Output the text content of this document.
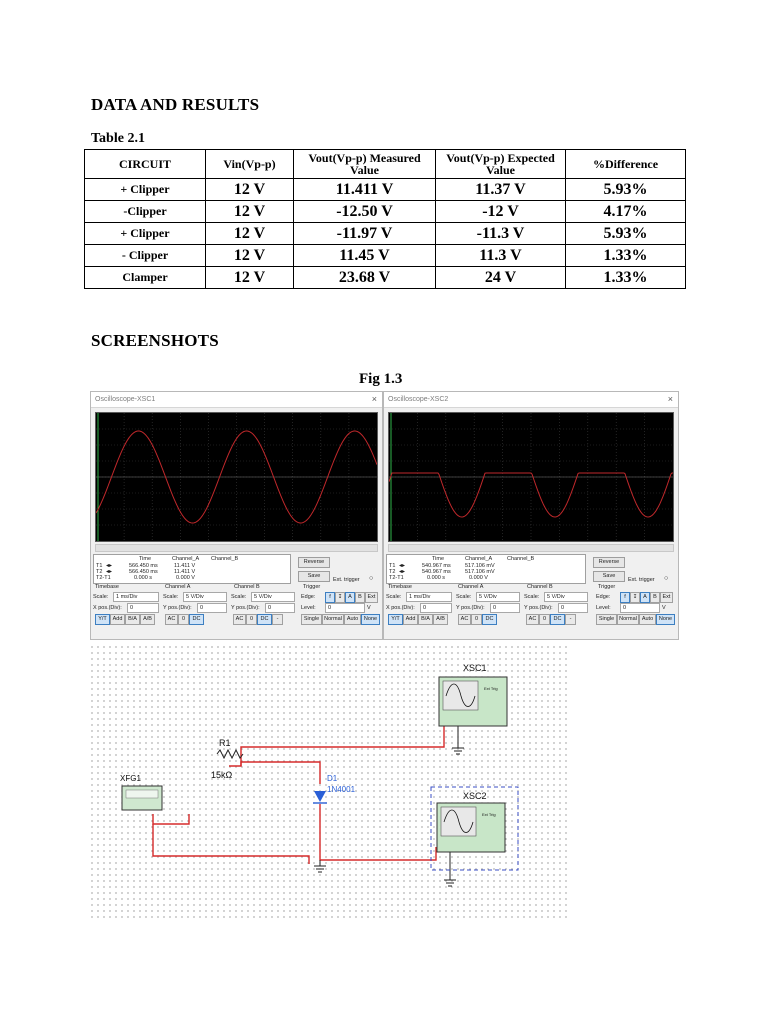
DATA AND RESULTS
Table 2.1
CIRCUIT	Vin(Vp-p)	Vout(Vp-p) Measured Value	Vout(Vp-p) Expected Value	%Difference
+ Clipper	12 V	11.411 V	11.37 V	5.93%
-Clipper	12 V	-12.50 V	-12 V	4.17%
+ Clipper	12 V	-11.97 V	-11.3 V	5.93%
- Clipper	12 V	11.45 V	11.3 V	1.33%
Clamper	12 V	23.68 V	24 V	1.33%
SCREENSHOTS
Fig 1.3
Oscilloscope-XSC1	×
Time	Channel_A Channel_B
T1 ◂▸	566.450 ms	11.411 V
T2 ◂▸	566.450 ms	11.411 V
T2-T1	0.000 s	0.000 V
Reverse
Save
Ext. trigger ○
Timebase
Scale:	1 ms/Div
X pos.(Div):	0
Y/T	Add	B/A	A/B
Channel A
Scale:	5 V/Div
Y pos.(Div):	0
AC	0	DC
Channel B
Scale:	5 V/Div
Y pos.(Div):	0
AC	0	DC	-
Trigger
Edge:	f	↧	A	B	Ext
Level:	0	V
Single Normal Auto	None
Oscilloscope-XSC2	×
Time	Channel_A	Channel_B
T1 ◂▸	540.967 ms	517.106 mV
T2 ◂▸	540.967 ms	517.106 mV
T2-T1	0.000 s	0.000 V
Reverse
Save
Ext. trigger ○
Timebase
Scale:	1 ms/Div
X pos.(Div):	0
Y/T	Add	B/A	A/B
Channel A
Scale:	5 V/Div
Y pos.(Div):	0
AC	0	DC
Channel B
Scale:	5 V/Div
Y pos.(Div):	0
AC	0	DC	-
Trigger
Edge:	f	↧	A	B	Ext
Level:	0	V
Single Normal Auto	None
R1
15kΩ	D1
1N4001
XFG1
Ext Trig
XSC1
Ext Trig
XSC2
